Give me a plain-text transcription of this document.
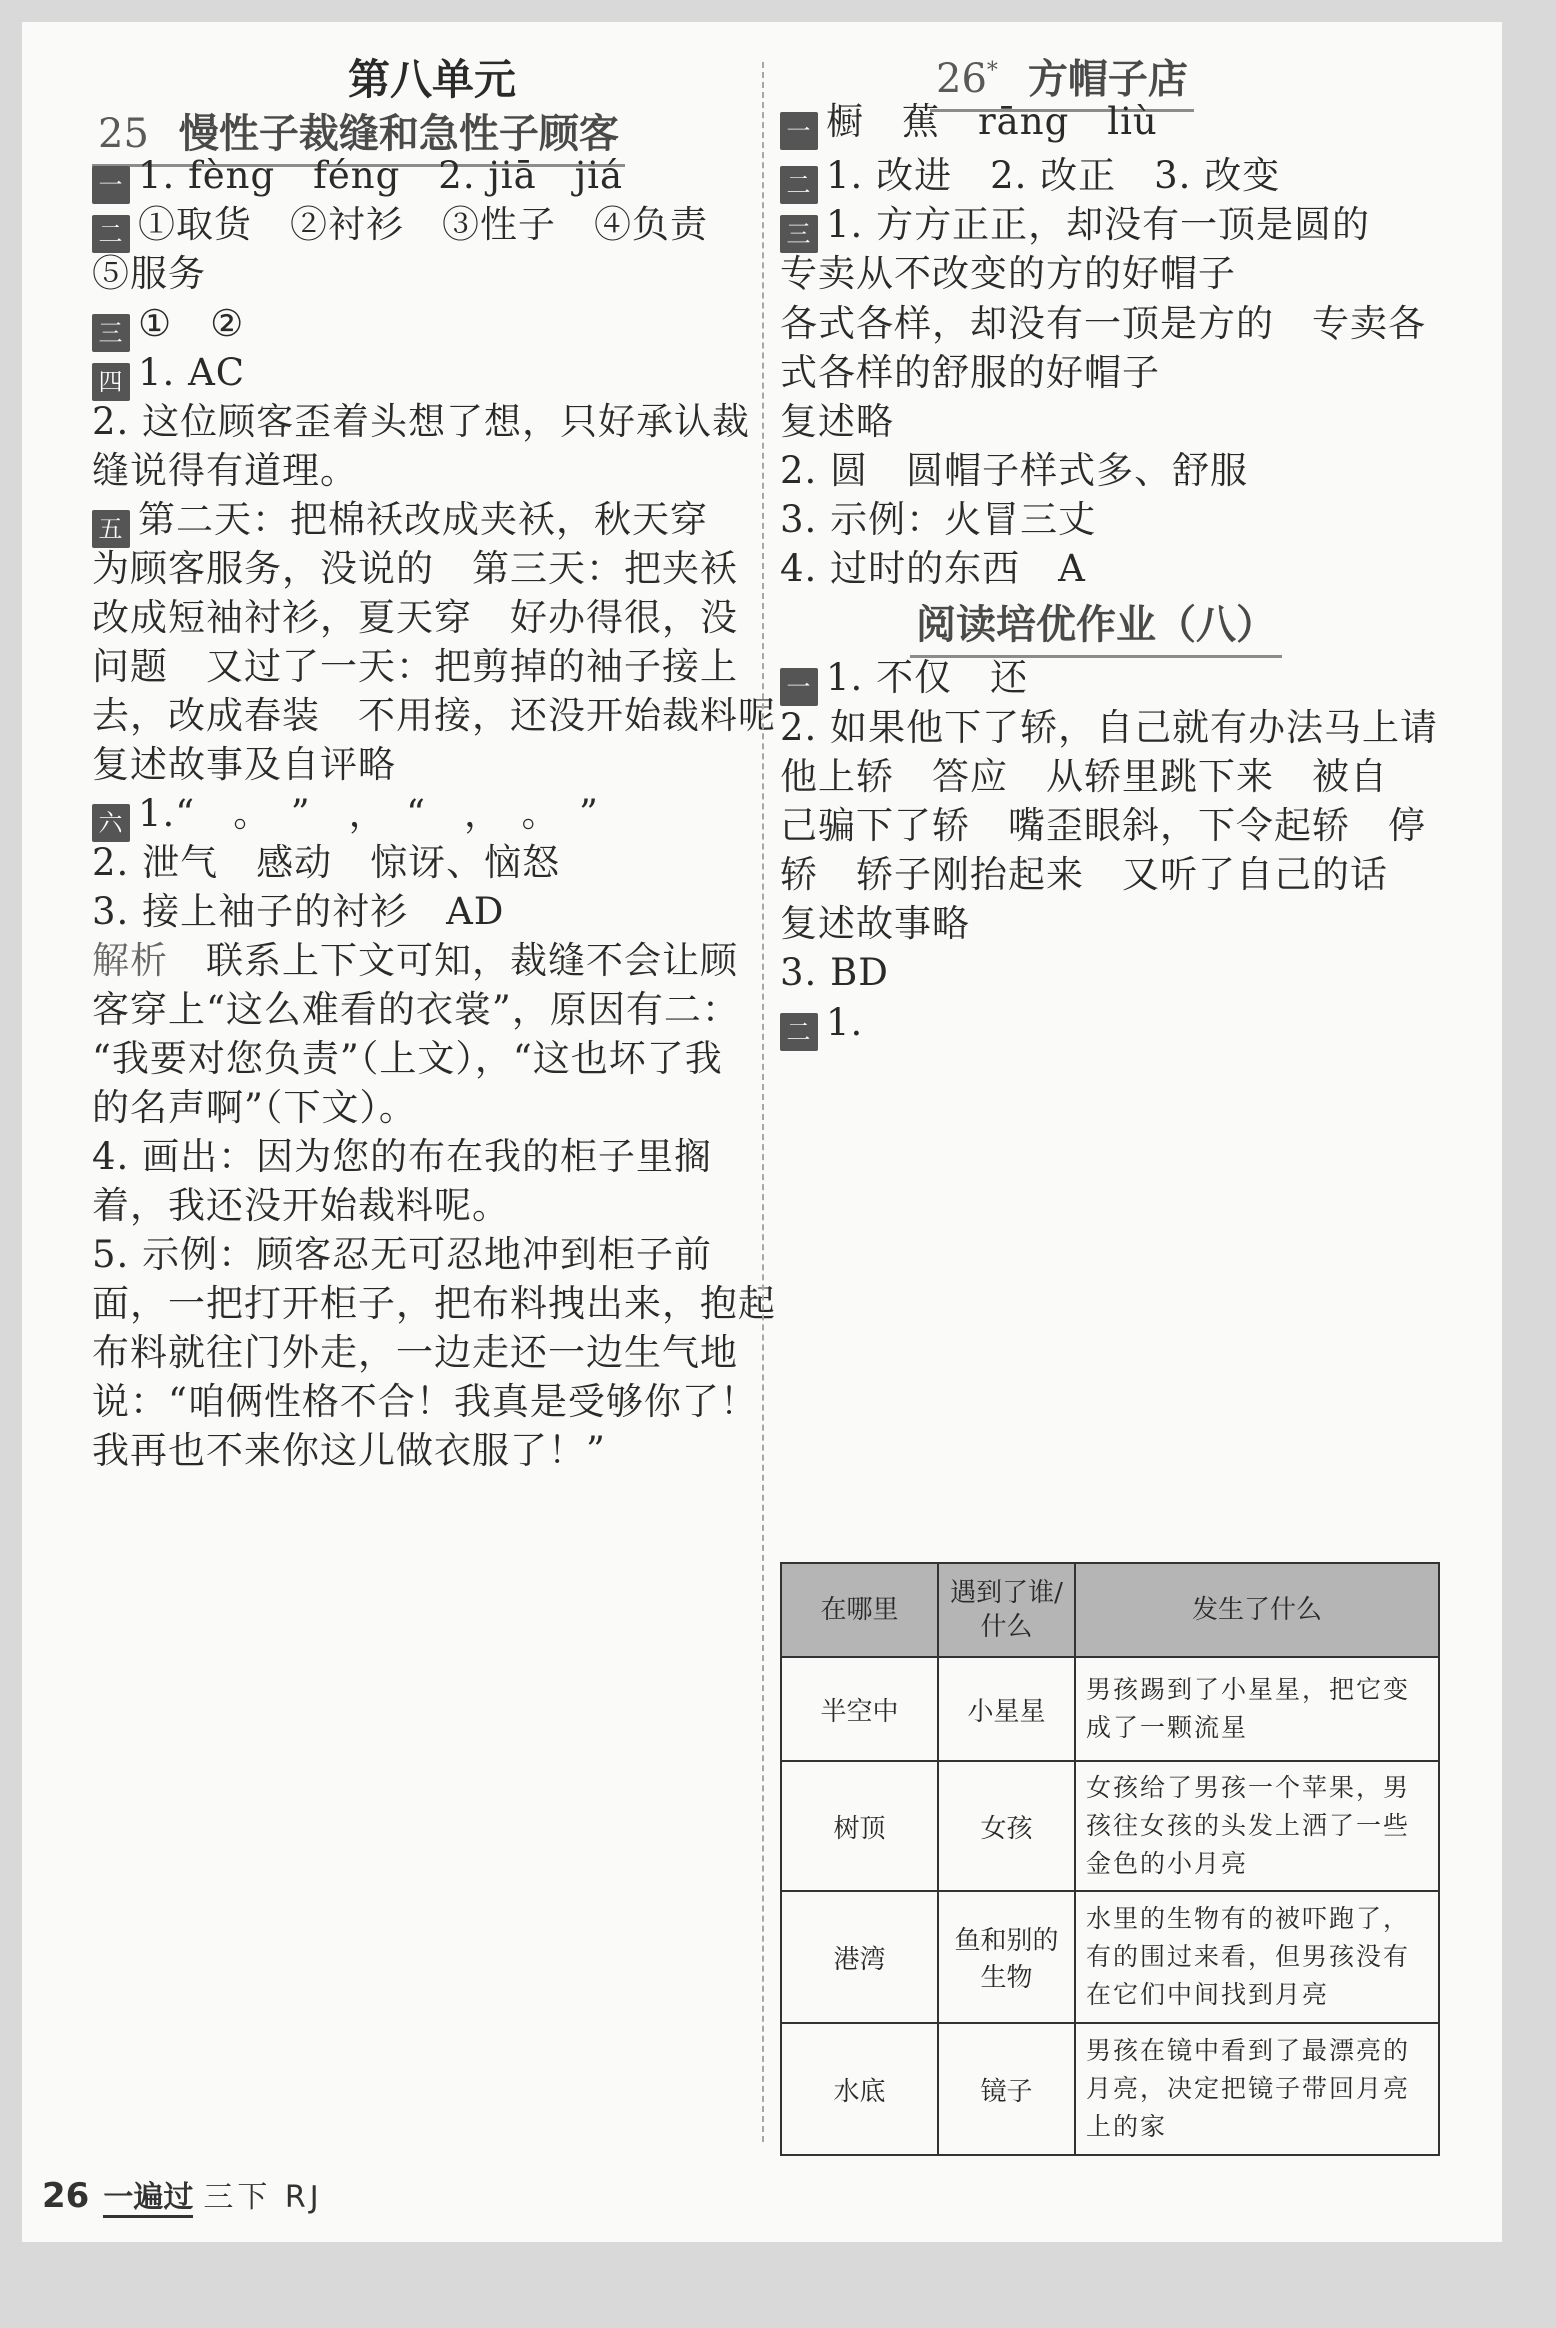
第八单元
25 慢性子裁缝和急性子顾客
一 1. fèng　féng　2. jiā　jiá
二 ①取货　②衬衫　③性子　④负责
⑤服务
三 ①　②
四 1. AC
2. 这位顾客歪着头想了想，只好承认裁
缝说得有道理。
五 第二天：把棉袄改成夹袄，秋天穿
为顾客服务，没说的　第三天：把夹袄
改成短袖衬衫，夏天穿　好办得很，没
问题　又过了一天：把剪掉的袖子接上
去，改成春装　不用接，还没开始裁料呢
复述故事及自评略
六 1.“　。　”　，　“　，　。　”
2. 泄气　感动　惊讶、恼怒
3. 接上袖子的衬衫　AD
解析　 联系上下文可知，裁缝不会让顾
客穿上“这么难看的衣裳”，原因有二：
“我要对您负责”（上文），“这也坏了我
的名声啊”（下文）。
4. 画出：因为您的布在我的柜子里搁
着，我还没开始裁料呢。
5. 示例：顾客忍无可忍地冲到柜子前
面，一把打开柜子，把布料拽出来，抱起
布料就往门外走，一边走还一边生气地
说：“咱俩性格不合！我真是受够你了！
我再也不来你这儿做衣服了！”
26* 方帽子店
一 橱　蕉　rāng　liù
二 1. 改进　2. 改正　3. 改变
三 1. 方方正正，却没有一顶是圆的
专卖从不改变的方的好帽子
各式各样，却没有一顶是方的　专卖各
式各样的舒服的好帽子
复述略
2. 圆　圆帽子样式多、舒服
3. 示例：火冒三丈
4. 过时的东西　A
阅读培优作业（八）
一 1. 不仅　还
2. 如果他下了轿，自己就有办法马上请
他上轿　答应　从轿里跳下来　被自
己骗下了轿　嘴歪眼斜，下令起轿　停
轿　轿子刚抬起来　又听了自己的话
复述故事略
3. BD
二 1.
在哪里	遇到了谁/什么	发生了什么
半空中	小星星	男孩踢到了小星星，把它变成了一颗流星
树顶	女孩	女孩给了男孩一个苹果，男孩往女孩的头发上洒了一些金色的小月亮
港湾	鱼和别的生物	水里的生物有的被吓跑了，有的围过来看，但男孩没有在它们中间找到月亮
水底	镜子	男孩在镜中看到了最漂亮的月亮，决定把镜子带回月亮上的家
26 一遍过 三下 RJ
